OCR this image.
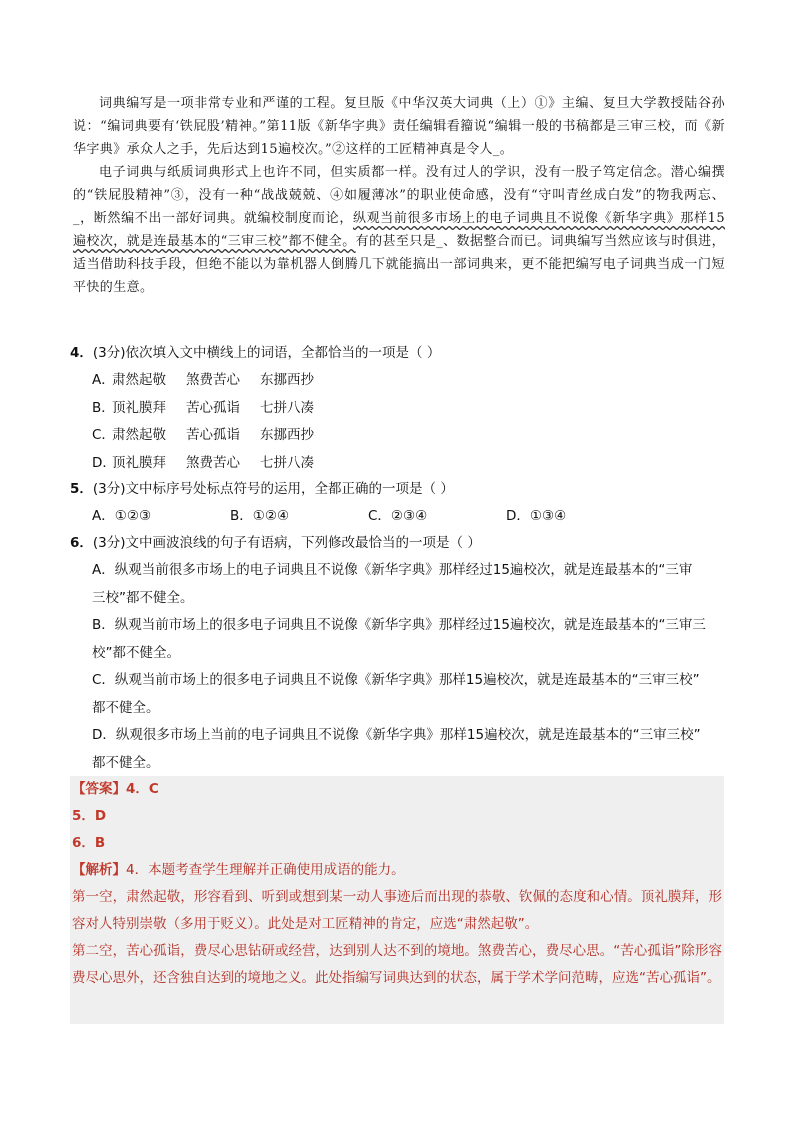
词典编写是一项非常专业和严谨的工程。复旦版《中华汉英大词典（上）①》主编、复旦大学教授陆谷孙说：“编词典要有‘铁屁股’精神。”第11版《新华字典》责任编辑看籀说“编辑一般的书稿都是三审三校，而《新华字典》承众人之手，先后达到15遍校次。”②这样的工匠精神真是令人_。

电子词典与纸质词典形式上也许不同，但实质都一样。没有过人的学识，没有一股子笃定信念。潜心编撰的“铁屁股精神”③，没有一种“战战兢兢、④如履薄冰”的职业使命感，没有“守叫青丝成白发”的物我两忘、_，断然编不出一部好词典。就编校制度而论，纵观当前很多市场上的电子词典且不说像《新华字典》那样15遍校次，就是连最基本的“三审三校”都不健全。有的甚至只是_、数据整合而已。词典编写当然应该与时俱进，适当借助科技手段，但绝不能以为靠机器人倒腾几下就能搞出一部词典来，更不能把编写电子词典当成一门短平快的生意。

4．(3分)依次填入文中横线上的词语，全都恰当的一项是（ ）
A．肃然起敬 煞费苦心 东挪西抄
B．顶礼膜拜 苦心孤诣 七拼八凑
C．肃然起敬 苦心孤诣 东挪西抄
D．顶礼膜拜 煞费苦心 七拼八凑
5．(3分)文中标序号处标点符号的运用，全都正确的一项是（ ）
A．①②③	B．①②④	C．②③④	D．①③④
6．(3分)文中画波浪线的句子有语病，下列修改最恰当的一项是（ ）
A．纵观当前很多市场上的电子词典且不说像《新华字典》那样经过15遍校次，就是连最基本的“三审
三校”都不健全。
B．纵观当前市场上的很多电子词典且不说像《新华字典》那样经过15遍校次，就是连最基本的“三审三
校”都不健全。
C．纵观当前市场上的很多电子词典且不说像《新华字典》那样15遍校次，就是连最基本的“三审三校”
都不健全。
D．纵观很多市场上当前的电子词典且不说像《新华字典》那样15遍校次，就是连最基本的“三审三校”
都不健全。
【答案】4．C
5．D
6．B
【解析】4．本题考查学生理解并正确使用成语的能力。
第一空，肃然起敬，形容看到、听到或想到某一动人事迹后而出现的恭敬、钦佩的态度和心情。顶礼膜拜，形容对人特别崇敬（多用于贬义）。此处是对工匠精神的肯定，应选“肃然起敬”。
第二空，苦心孤诣，费尽心思钻研或经营，达到别人达不到的境地。煞费苦心，费尽心思。“苦心孤诣”除形容费尽心思外，还含独自达到的境地之义。此处指编写词典达到的状态，属于学术学问范畴，应选“苦心孤诣”。
